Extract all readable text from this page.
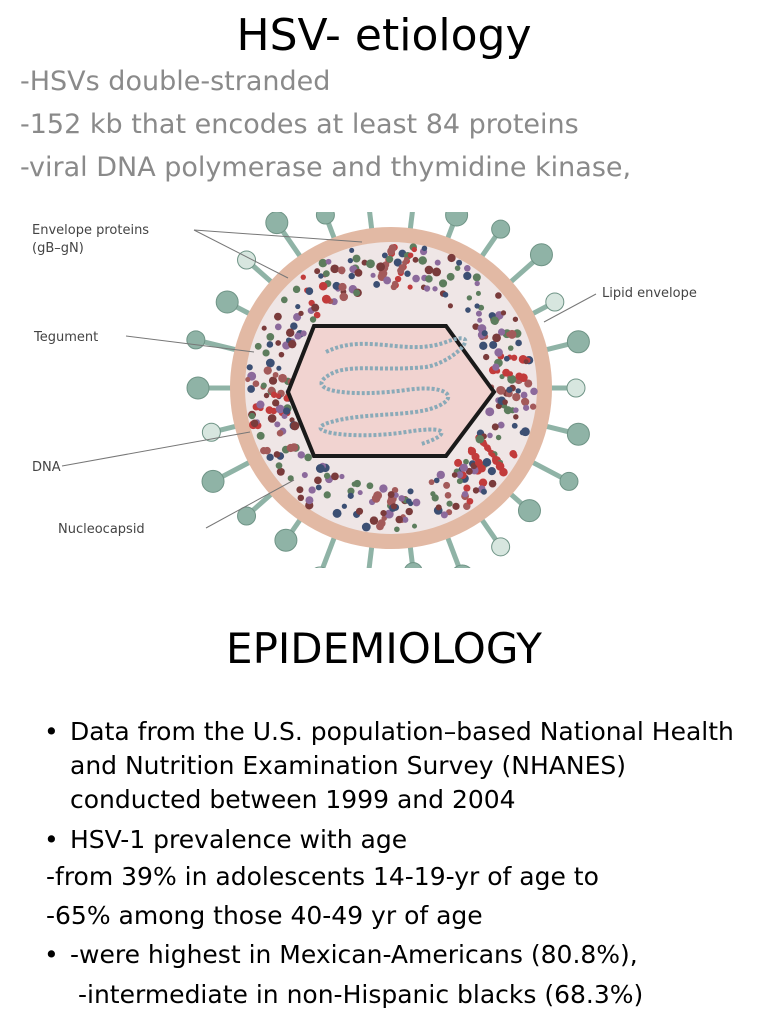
HSV- etiology
-HSVs double-stranded
-152 kb that encodes at least 84 proteins
-viral DNA polymerase and thymidine kinase,
Envelope proteins
(gB–gN)
Tegument
DNA
Nucleocapsid
Lipid envelope
EPIDEMIOLOGY
• Data from the U.S. population–based National Health and Nutrition Examination Survey (NHANES) conducted between 1999 and 2004
• HSV-1 prevalence with age
-from 39% in adolescents 14-19-yr of age to
-65% among those 40-49 yr of age
• -were highest in Mexican-Americans (80.8%),
-intermediate in non-Hispanic blacks (68.3%)
